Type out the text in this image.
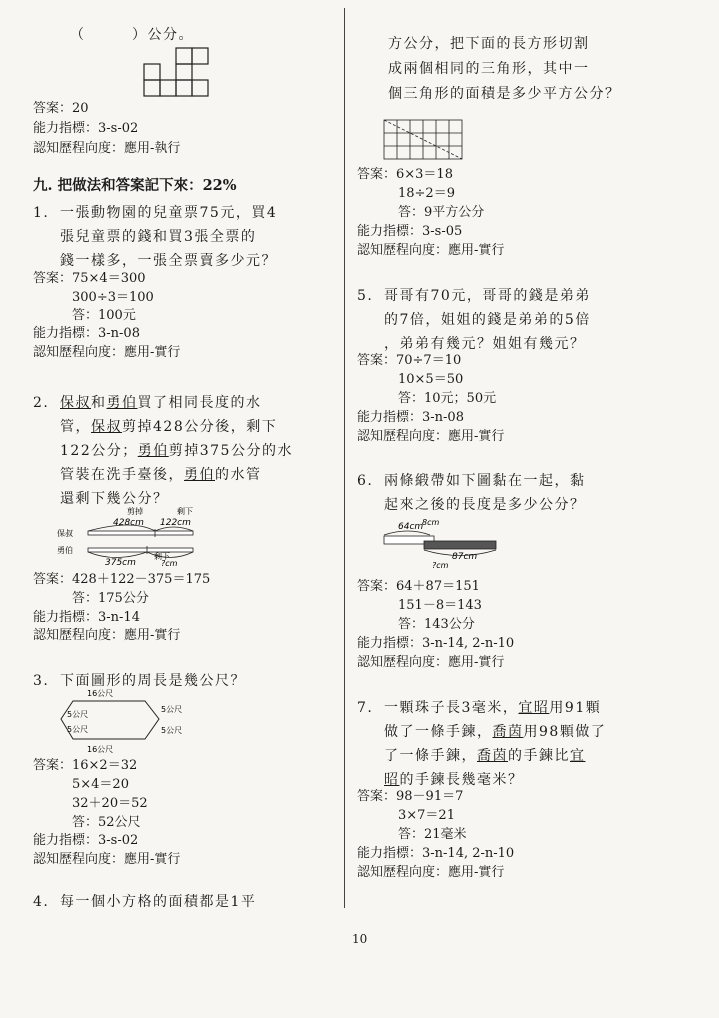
（　　　）公分。
答案：20
能力指標：3-s-02
認知歷程向度：應用-執行
九. 把做法和答案記下來：22%
1. 一張動物園的兒童票75元，買4
張兒童票的錢和買3張全票的
錢一樣多，一張全票賣多少元？
答案：75×4＝300
300÷3＝100
答：100元
能力指標：3-n-08
認知歷程向度：應用-實行
2. 保叔和勇伯買了相同長度的水
管，保叔剪掉428公分後，剩下
122公分；勇伯剪掉375公分的水
管裝在洗手臺後，勇伯的水管
還剩下幾公分？
剪掉	剩下
428cm 122cm
保叔
勇伯
375cm
剩下
?cm
答案：428＋122－375＝175
答：175公分
能力指標：3-n-14
認知歷程向度：應用-實行
3. 下面圖形的周長是幾公尺？
16公尺
5公尺
5公尺
5公尺	5公尺
16公尺
答案：16×2＝32
5×4＝20
32＋20＝52
答：52公尺
能力指標：3-s-02
認知歷程向度：應用-實行
4. 每一個小方格的面積都是1平
方公分，把下面的長方形切割
成兩個相同的三角形，其中一
個三角形的面積是多少平方公分？
答案：6×3＝18
18÷2＝9
答：9平方公分
能力指標：3-s-05
認知歷程向度：應用-實行
5. 哥哥有70元，哥哥的錢是弟弟
的7倍，姐姐的錢是弟弟的5倍
，弟弟有幾元？姐姐有幾元？
答案：70÷7＝10
10×5＝50
答：10元；50元
能力指標：3-n-08
認知歷程向度：應用-實行
6. 兩條緞帶如下圖黏在一起，黏
起來之後的長度是多少公分？
64cm
8cm
87cm
?cm
答案：64＋87＝151
151－8＝143
答：143公分
能力指標：3-n-14, 2-n-10
認知歷程向度：應用-實行
7. 一顆珠子長3毫米，宜昭用91顆
做了一條手鍊，喬茵用98顆做了
了一條手鍊，喬茵的手鍊比宜
昭的手鍊長幾毫米？
答案：98－91＝7
3×7＝21
答：21毫米
能力指標：3-n-14, 2-n-10
認知歷程向度：應用-實行
10
